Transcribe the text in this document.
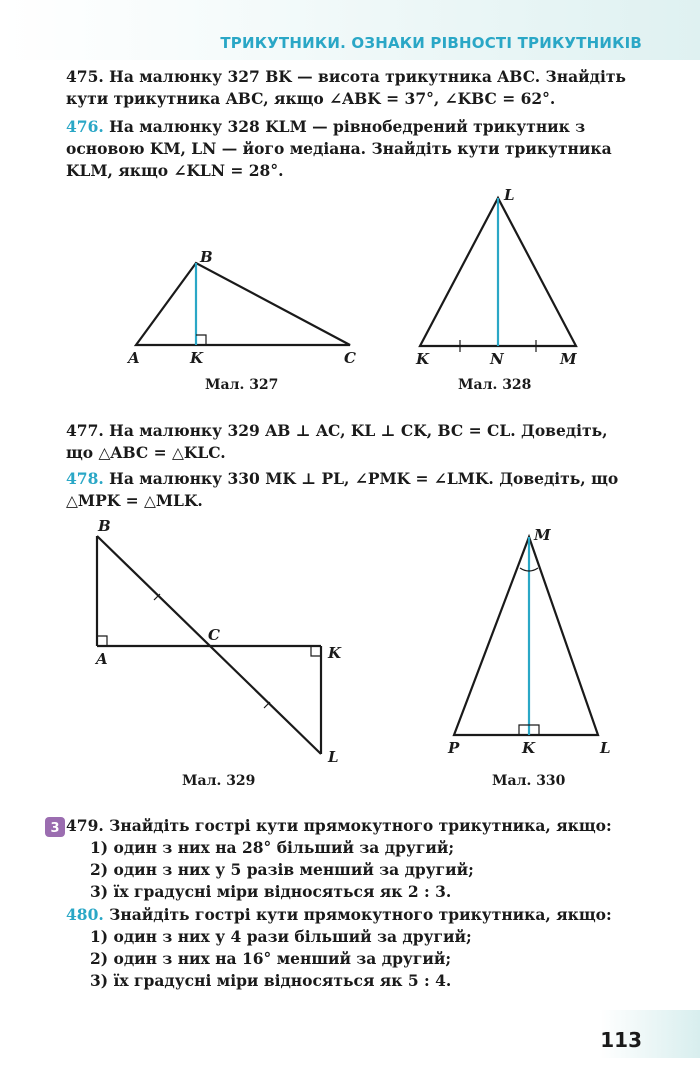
ТРИКУТНИКИ. ОЗНАКИ РІВНОСТІ ТРИКУТНИКІВ
475. На малюнку 327 BK — висота трикутника ABC. Знайдіть
кути трикутника ABC, якщо ∠ABK = 37°, ∠KBC = 62°.
476. На малюнку 328 KLM — рівнобедрений трикутник з
основою KM, LN — його медіана. Знайдіть кути трикутника
KLM, якщо ∠KLN = 28°.
B
A	K	C
Мал. 327
L
K	N	M
Мал. 328
477. На малюнку 329 AB ⊥ AC, KL ⊥ CK, BC = CL. Доведіть,
що △ABC = △KLC.
478. На малюнку 330 MK ⊥ PL, ∠PMK = ∠LMK. Доведіть, що
△MPK = △MLK.
B
A
C
K
L
Мал. 329
M
P	K	L
Мал. 330
3 479. Знайдіть гострі кути прямокутного трикутника, якщо:
1) один з них на 28° більший за другий;
2) один з них у 5 разів менший за другий;
3) їх градусні міри відносяться як 2 : 3.
480. Знайдіть гострі кути прямокутного трикутника, якщо:
1) один з них у 4 рази більший за другий;
2) один з них на 16° менший за другий;
3) їх градусні міри відносяться як 5 : 4.
113
